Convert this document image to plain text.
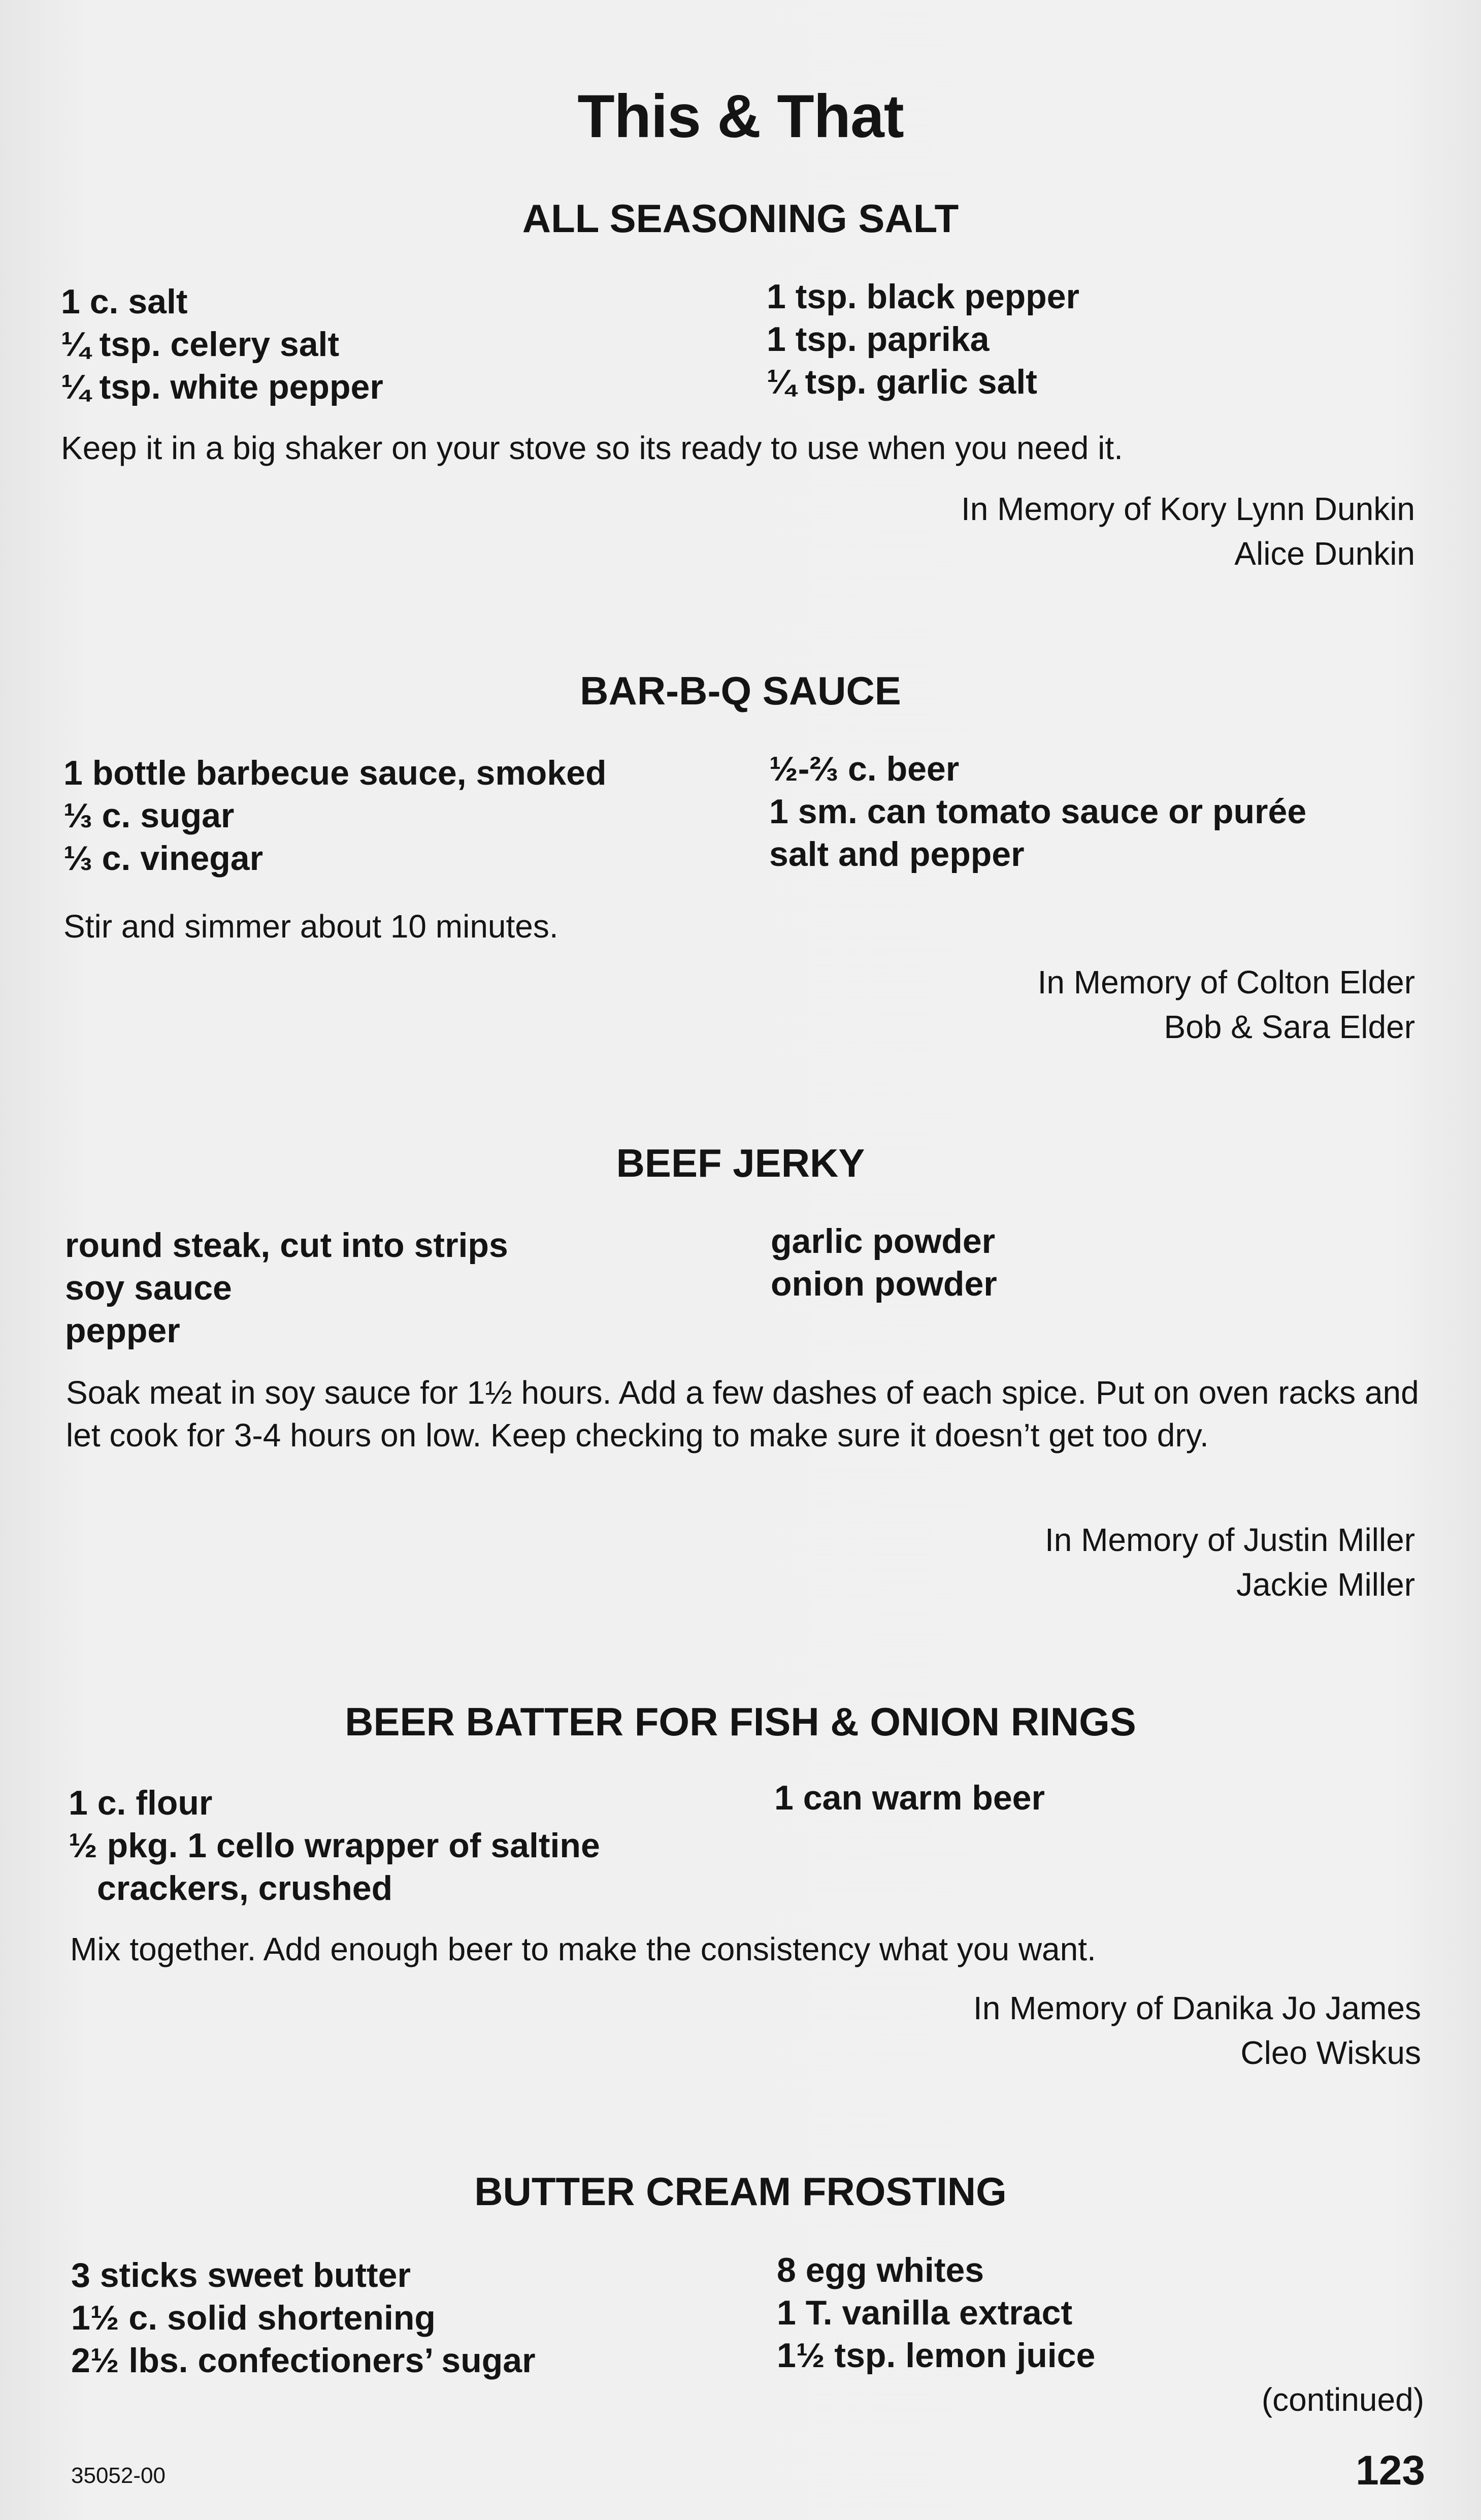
This & That
ALL SEASONING SALT
1 c. salt
¼ tsp. celery salt
¼ tsp. white pepper
1 tsp. black pepper
1 tsp. paprika
¼ tsp. garlic salt
Keep it in a big shaker on your stove so its ready to use when you need it.
In Memory of Kory Lynn Dunkin
Alice Dunkin
BAR-B-Q SAUCE
1 bottle barbecue sauce, smoked
⅓ c. sugar
⅓ c. vinegar
½-⅔ c. beer
1 sm. can tomato sauce or purée
salt and pepper
Stir and simmer about 10 minutes.
In Memory of Colton Elder
Bob & Sara Elder
BEEF JERKY
round steak, cut into strips
soy sauce
pepper
garlic powder
onion powder
Soak meat in soy sauce for 1½ hours. Add a few dashes of each spice. Put on oven racks and let cook for 3-4 hours on low. Keep checking to make sure it doesn’t get too dry.
In Memory of Justin Miller
Jackie Miller
BEER BATTER FOR FISH & ONION RINGS
1 c. flour
½ pkg. 1 cello wrapper of saltine
crackers, crushed
1 can warm beer
Mix together. Add enough beer to make the consistency what you want.
In Memory of Danika Jo James
Cleo Wiskus
BUTTER CREAM FROSTING
3 sticks sweet butter
1½ c. solid shortening
2½ lbs. confectioners’ sugar
8 egg whites
1 T. vanilla extract
1½ tsp. lemon juice
(continued)
35052-00	123
